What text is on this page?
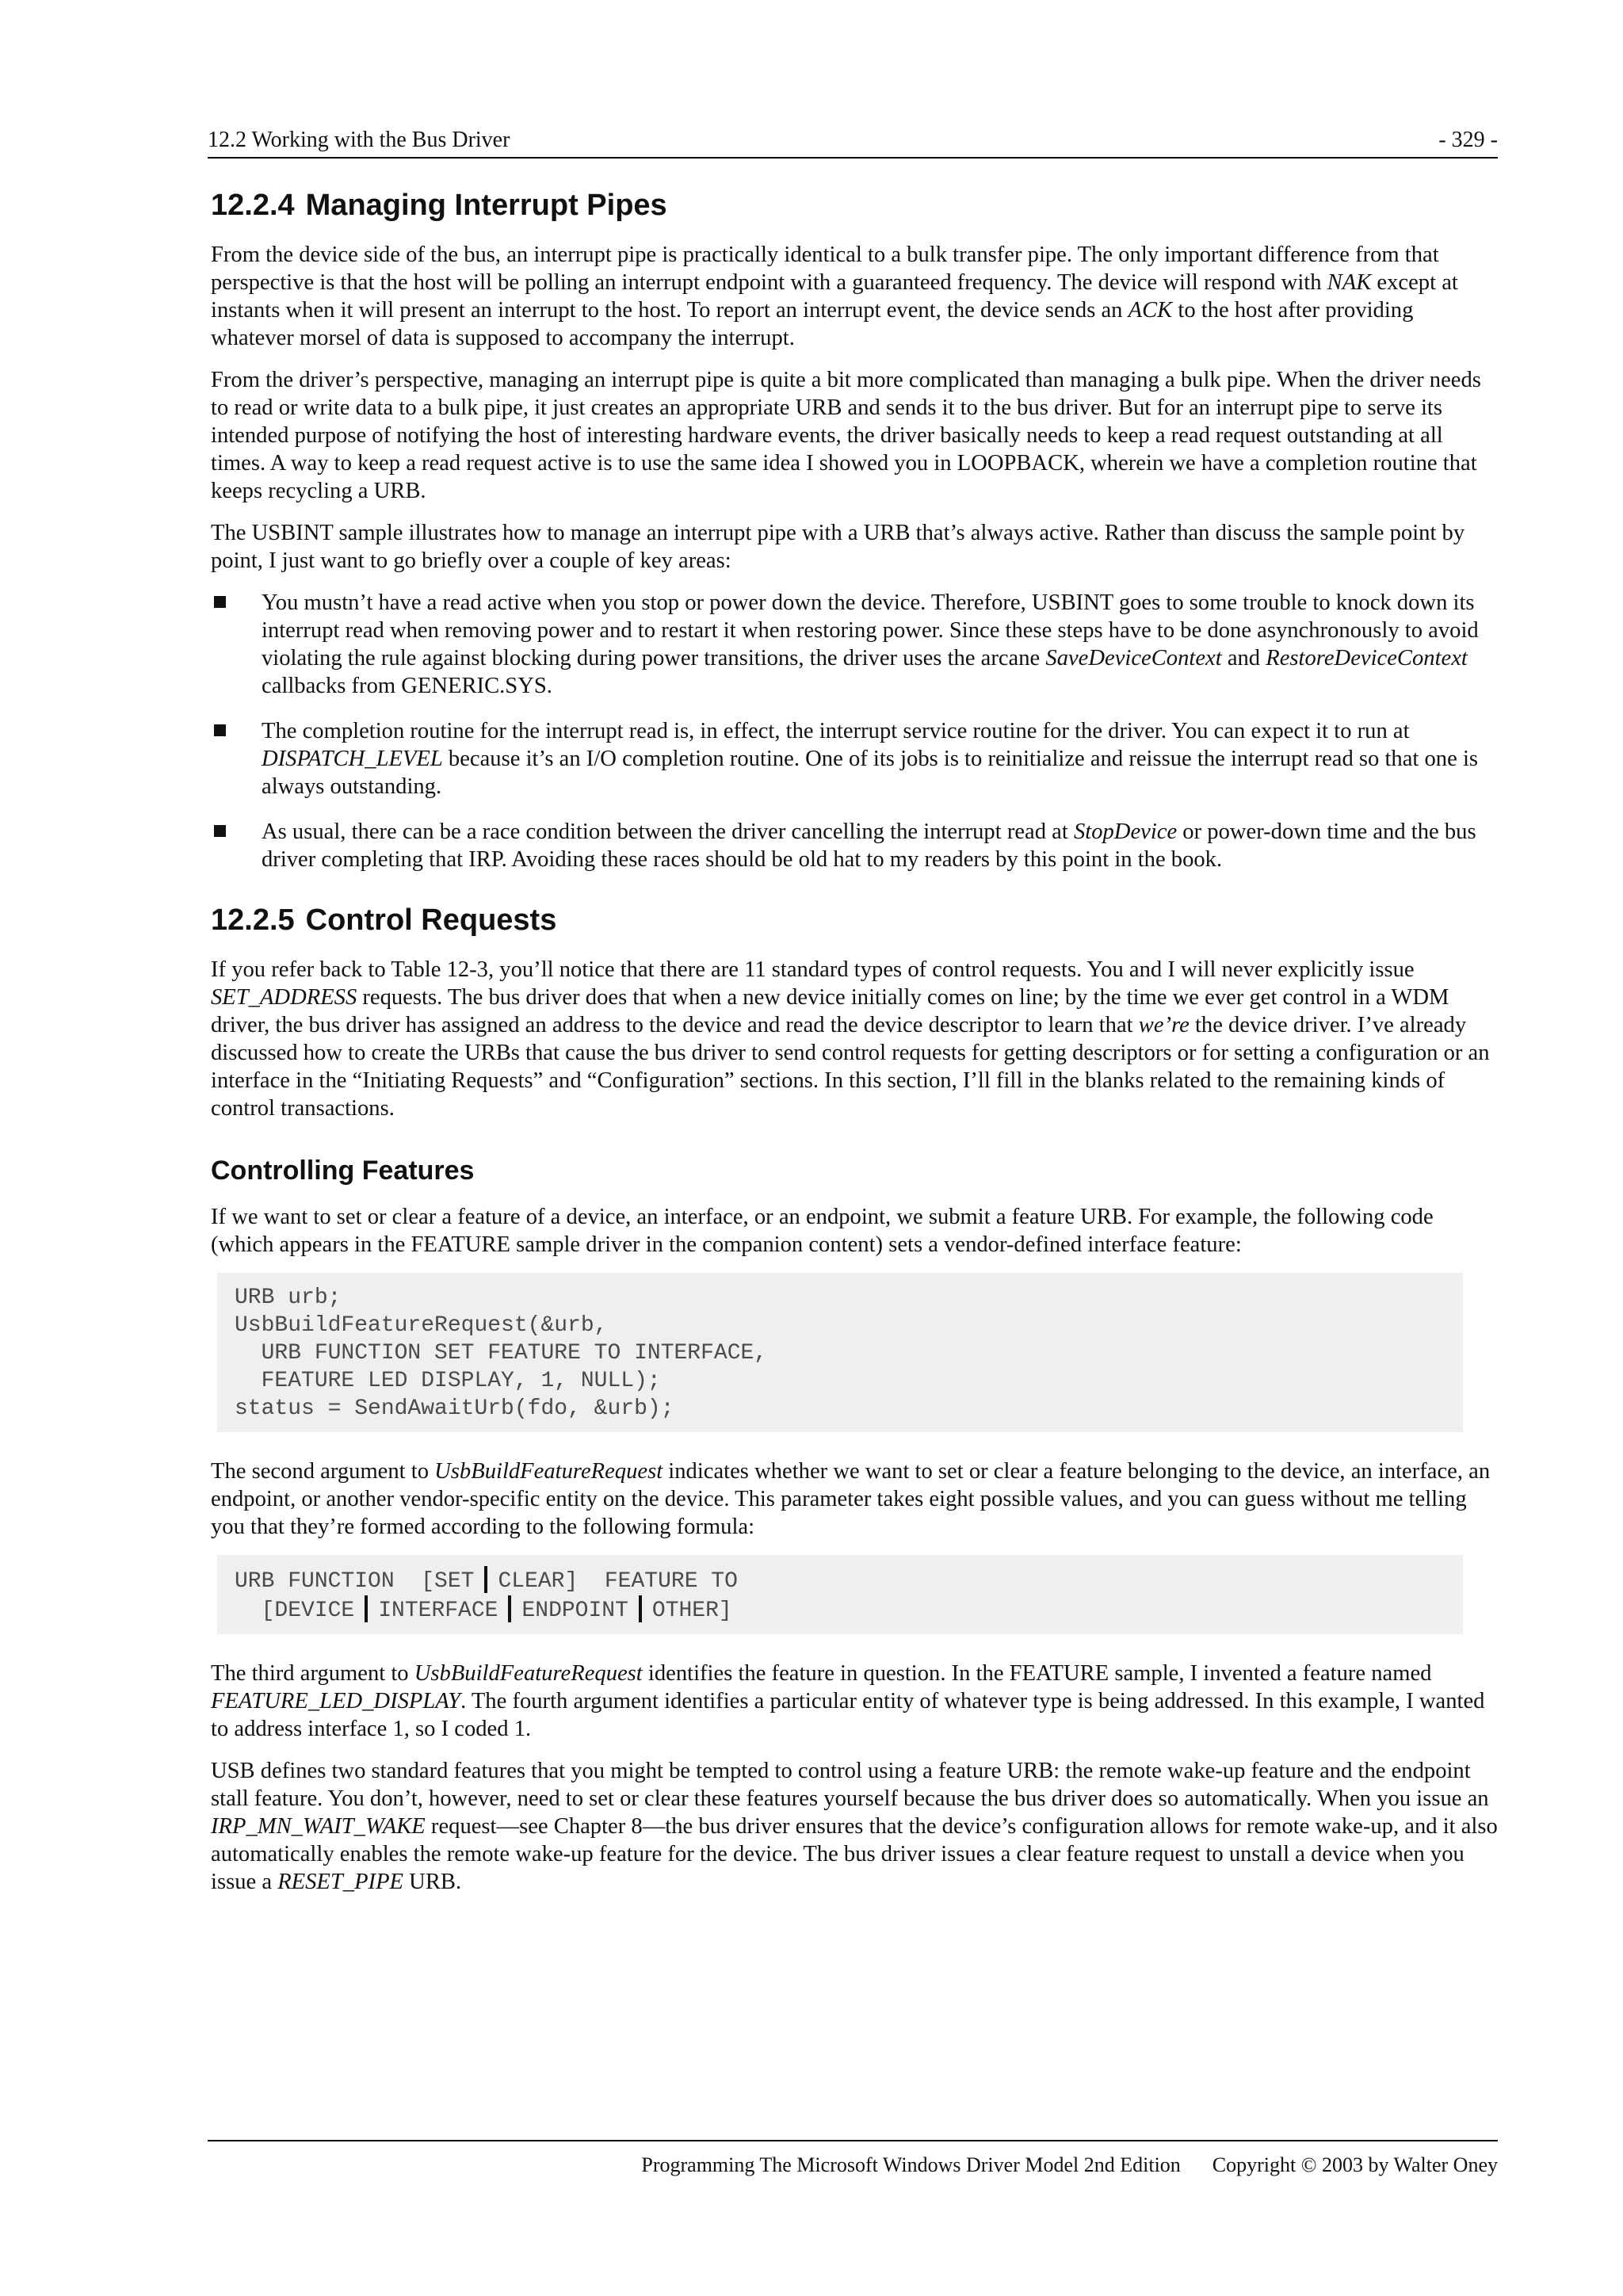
12.2 Working with the Bus Driver	- 329 -
12.2.4 Managing Interrupt Pipes

From the device side of the bus, an interrupt pipe is practically identical to a bulk transfer pipe. The only important difference from that perspective is that the host will be polling an interrupt endpoint with a guaranteed frequency. The device will respond with NAK except at instants when it will present an interrupt to the host. To report an interrupt event, the device sends an ACK to the host after providing whatever morsel of data is supposed to accompany the interrupt.

From the driver’s perspective, managing an interrupt pipe is quite a bit more complicated than managing a bulk pipe. When the driver needs to read or write data to a bulk pipe, it just creates an appropriate URB and sends it to the bus driver. But for an interrupt pipe to serve its intended purpose of notifying the host of interesting hardware events, the driver basically needs to keep a read request outstanding at all times. A way to keep a read request active is to use the same idea I showed you in LOOPBACK, wherein we have a completion routine that keeps recycling a URB.

The USBINT sample illustrates how to manage an interrupt pipe with a URB that’s always active. Rather than discuss the sample point by point, I just want to go briefly over a couple of key areas:

You mustn’t have a read active when you stop or power down the device. Therefore, USBINT goes to some trouble to knock down its interrupt read when removing power and to restart it when restoring power. Since these steps have to be done asynchronously to avoid violating the rule against blocking during power transitions, the driver uses the arcane SaveDeviceContext and RestoreDeviceContext callbacks from GENERIC.SYS.
The completion routine for the interrupt read is, in effect, the interrupt service routine for the driver. You can expect it to run at DISPATCH_LEVEL because it’s an I/O completion routine. One of its jobs is to reinitialize and reissue the interrupt read so that one is always outstanding.
As usual, there can be a race condition between the driver cancelling the interrupt read at StopDevice or power-down time and the bus driver completing that IRP. Avoiding these races should be old hat to my readers by this point in the book.
12.2.5 Control Requests

If you refer back to Table 12-3, you’ll notice that there are 11 standard types of control requests. You and I will never explicitly issue SET_ADDRESS requests. The bus driver does that when a new device initially comes on line; by the time we ever get control in a WDM driver, the bus driver has assigned an address to the device and read the device descriptor to learn that we’re the device driver. I’ve already discussed how to create the URBs that cause the bus driver to send control requests for getting descriptors or for setting a configuration or an interface in the “Initiating Requests” and “Configuration” sections. In this section, I’ll fill in the blanks related to the remaining kinds of control transactions.

Controlling Features

If we want to set or clear a feature of a device, an interface, or an endpoint, we submit a feature URB. For example, the following code (which appears in the FEATURE sample driver in the companion content) sets a vendor-defined interface feature:

URB urb;
UsbBuildFeatureRequest(&urb,
URB FUNCTION SET FEATURE TO INTERFACE,
FEATURE LED DISPLAY, 1, NULL);
status = SendAwaitUrb(fdo, &urb);

The second argument to UsbBuildFeatureRequest indicates whether we want to set or clear a feature belonging to the device, an interface, an endpoint, or another vendor-specific entity on the device. This parameter takes eight possible values, and you can guess without me telling you that they’re formed according to the following formula:

URB FUNCTION  [SET CLEAR]  FEATURE TO
[DEVICE INTERFACE ENDPOINT OTHER]

The third argument to UsbBuildFeatureRequest identifies the feature in question. In the FEATURE sample, I invented a feature named FEATURE_LED_DISPLAY. The fourth argument identifies a particular entity of whatever type is being addressed. In this example, I wanted to address interface 1, so I coded 1.

USB defines two standard features that you might be tempted to control using a feature URB: the remote wake-up feature and the endpoint stall feature. You don’t, however, need to set or clear these features yourself because the bus driver does so automatically. When you issue an IRP_MN_WAIT_WAKE request—see Chapter 8—the bus driver ensures that the device’s configuration allows for remote wake-up, and it also automatically enables the remote wake-up feature for the device. The bus driver issues a clear feature request to unstall a device when you issue a RESET_PIPE URB.

Programming The Microsoft Windows Driver Model 2nd Edition Copyright © 2003 by Walter Oney
